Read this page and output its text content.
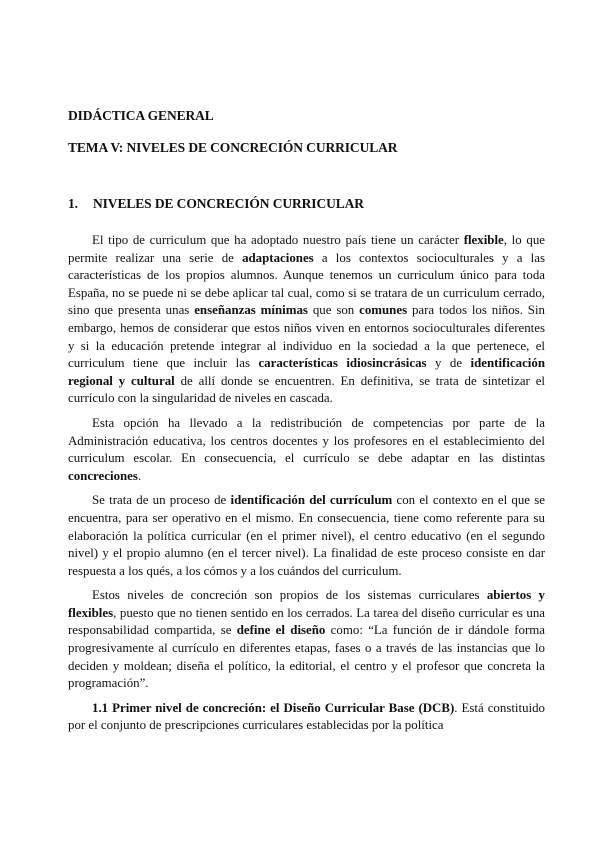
DIDÁCTICA GENERAL
TEMA V: NIVELES DE CONCRECIÓN CURRICULAR
1. NIVELES DE CONCRECIÓN CURRICULAR

El tipo de curriculum que ha adoptado nuestro país tiene un carácter flexible, lo que permite realizar una serie de adaptaciones a los contextos socioculturales y a las características de los propios alumnos. Aunque tenemos un curriculum único para toda España, no se puede ni se debe aplicar tal cual, como si se tratara de un curriculum cerrado, sino que presenta unas enseñanzas mínimas que son comunes para todos los niños. Sin embargo, hemos de considerar que estos niños viven en entornos socioculturales diferentes y si la educación pretende integrar al individuo en la sociedad a la que pertenece, el curriculum tiene que incluir las características idiosincrásicas y de identificación regional y cultural de allí donde se encuentren. En definitiva, se trata de sintetizar el currículo con la singularidad de niveles en cascada.

Esta opción ha llevado a la redistribución de competencias por parte de la Administración educativa, los centros docentes y los profesores en el establecimiento del curriculum escolar. En consecuencia, el currículo se debe adaptar en las distintas concreciones.

Se trata de un proceso de identificación del currículum con el contexto en el que se encuentra, para ser operativo en el mismo. En consecuencia, tiene como referente para su elaboración la política curricular (en el primer nivel), el centro educativo (en el segundo nivel) y el propio alumno (en el tercer nivel). La finalidad de este proceso consiste en dar respuesta a los qués, a los cómos y a los cuándos del curriculum.

Estos niveles de concreción son propios de los sistemas curriculares abiertos y flexibles, puesto que no tienen sentido en los cerrados. La tarea del diseño curricular es una responsabilidad compartida, se define el diseño como: “La función de ir dándole forma progresivamente al currículo en diferentes etapas, fases o a través de las instancias que lo deciden y moldean; diseña el político, la editorial, el centro y el profesor que concreta la programación”.

1.1 Primer nivel de concreción: el Diseño Curricular Base (DCB). Está constituido por el conjunto de prescripciones curriculares establecidas por la política
